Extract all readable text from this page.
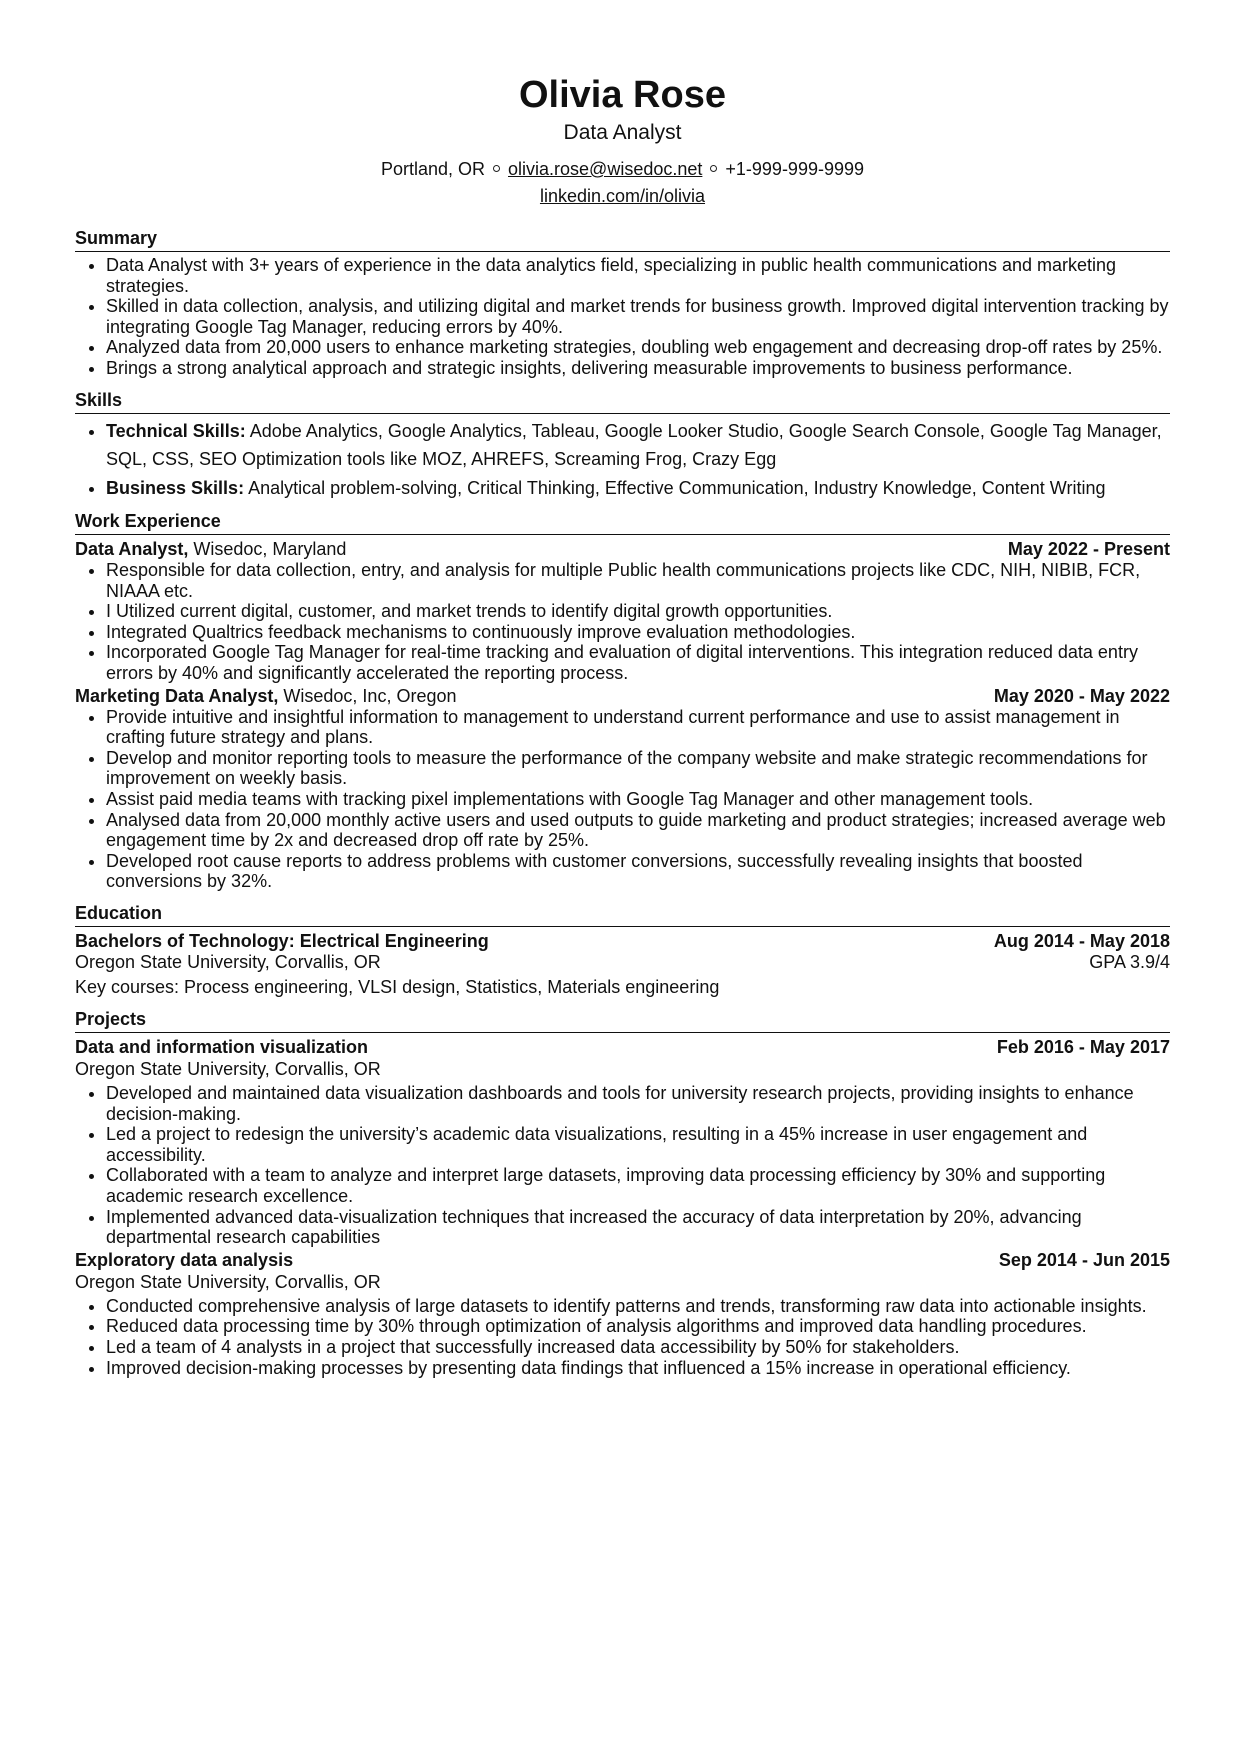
Olivia Rose
Data Analyst
Portland, OR olivia.rose@wisedoc.net +1-999-999-9999
linkedin.com/in/olivia
Summary
• Data Analyst with 3+ years of experience in the data analytics field, specializing in public health communications and marketing strategies.
• Skilled in data collection, analysis, and utilizing digital and market trends for business growth. Improved digital intervention tracking by integrating Google Tag Manager, reducing errors by 40%.
• Analyzed data from 20,000 users to enhance marketing strategies, doubling web engagement and decreasing drop-off rates by 25%.
• Brings a strong analytical approach and strategic insights, delivering measurable improvements to business performance.
Skills
• Technical Skills: Adobe Analytics, Google Analytics, Tableau, Google Looker Studio, Google Search Console, Google Tag Manager, SQL, CSS, SEO Optimization tools like MOZ, AHREFS, Screaming Frog, Crazy Egg
• Business Skills: Analytical problem-solving, Critical Thinking, Effective Communication, Industry Knowledge, Content Writing
Work Experience
Data Analyst, Wisedoc, Maryland	May 2022 - Present
• Responsible for data collection, entry, and analysis for multiple Public health communications projects like CDC, NIH, NIBIB, FCR, NIAAA etc.
• I Utilized current digital, customer, and market trends to identify digital growth opportunities.
• Integrated Qualtrics feedback mechanisms to continuously improve evaluation methodologies.
• Incorporated Google Tag Manager for real-time tracking and evaluation of digital interventions. This integration reduced data entry errors by 40% and significantly accelerated the reporting process.
Marketing Data Analyst, Wisedoc, Inc, Oregon	May 2020 - May 2022
• Provide intuitive and insightful information to management to understand current performance and use to assist management in crafting future strategy and plans.
• Develop and monitor reporting tools to measure the performance of the company website and make strategic recommendations for improvement on weekly basis.
• Assist paid media teams with tracking pixel implementations with Google Tag Manager and other management tools.
• Analysed data from 20,000 monthly active users and used outputs to guide marketing and product strategies; increased average web engagement time by 2x and decreased drop off rate by 25%.
• Developed root cause reports to address problems with customer conversions, successfully revealing insights that boosted conversions by 32%.
Education
Bachelors of Technology: Electrical Engineering	Aug 2014 - May 2018
Oregon State University, Corvallis, OR	GPA 3.9/4
Key courses: Process engineering, VLSI design, Statistics, Materials engineering
Projects
Data and information visualization	Feb 2016 - May 2017
Oregon State University, Corvallis, OR
• Developed and maintained data visualization dashboards and tools for university research projects, providing insights to enhance decision-making.
• Led a project to redesign the university’s academic data visualizations, resulting in a 45% increase in user engagement and accessibility.
• Collaborated with a team to analyze and interpret large datasets, improving data processing efficiency by 30% and supporting academic research excellence.
• Implemented advanced data-visualization techniques that increased the accuracy of data interpretation by 20%, advancing departmental research capabilities
Exploratory data analysis	Sep 2014 - Jun 2015
Oregon State University, Corvallis, OR
• Conducted comprehensive analysis of large datasets to identify patterns and trends, transforming raw data into actionable insights.
• Reduced data processing time by 30% through optimization of analysis algorithms and improved data handling procedures.
• Led a team of 4 analysts in a project that successfully increased data accessibility by 50% for stakeholders.
• Improved decision-making processes by presenting data findings that influenced a 15% increase in operational efficiency.
